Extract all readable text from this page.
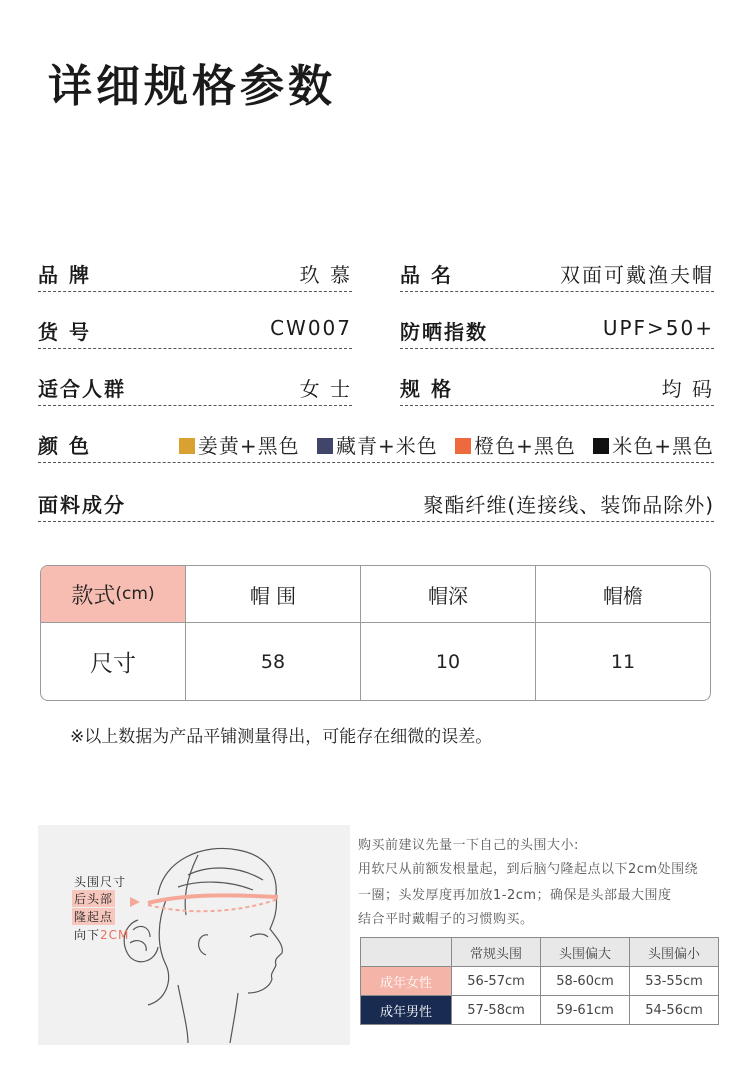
详细规格参数
品 牌	玖 慕 品 名	双面可戴渔夫帽
货 号	CW007 防晒指数	UPF>50+
适合人群	女 士 规 格	均 码
颜 色	姜黄+黑色 藏青+米色 橙色+黑色 米色+黑色
面料成分	聚酯纤维(连接线、装饰品除外)
款式 (cm)	帽 围	帽深	帽檐
尺寸	58	10	11
※以上数据为产品平铺测量得出，可能存在细微的误差。
头围尺寸
后头部
隆起点
向下2CM
购买前建议先量一下自己的头围大小:
用软尺从前额发根量起，到后脑勺隆起点以下2cm处围绕
一圈；头发厚度再加放1-2cm；确保是头部最大围度
结合平时戴帽子的习惯购买。
	常规头围	头围偏大	头围偏小
成年女性	56-57cm	58-60cm	53-55cm
成年男性	57-58cm	59-61cm	54-56cm
